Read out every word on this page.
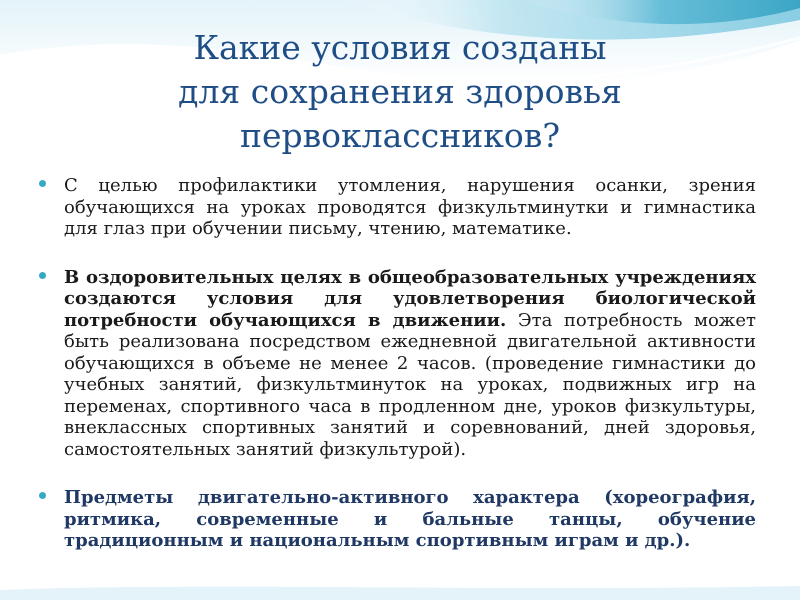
Какие условия созданы
для сохранения здоровья
первоклассников?
С целью профилактики утомления, нарушения осанки, зрения обучающихся на уроках проводятся физкультминутки и гимнастика для глаз при обучении письму, чтению, математике.
В оздоровительных целях в общеобразовательных учреждениях создаются условия для удовлетворения биологической потребности обучающихся в движении. Эта потребность может быть реализована посредством ежедневной двигательной активности обучающихся в объеме не менее 2 часов. (проведение гимнастики до учебных занятий, физкультминуток на уроках, подвижных игр на переменах, спортивного часа в продленном дне, уроков физкультуры, внеклассных спортивных занятий и соревнований, дней здоровья, самостоятельных занятий физкультурой).
Предметы двигательно-активного характера (хореография, ритмика, современные и бальные танцы, обучение традиционным и национальным спортивным играм и др.).
